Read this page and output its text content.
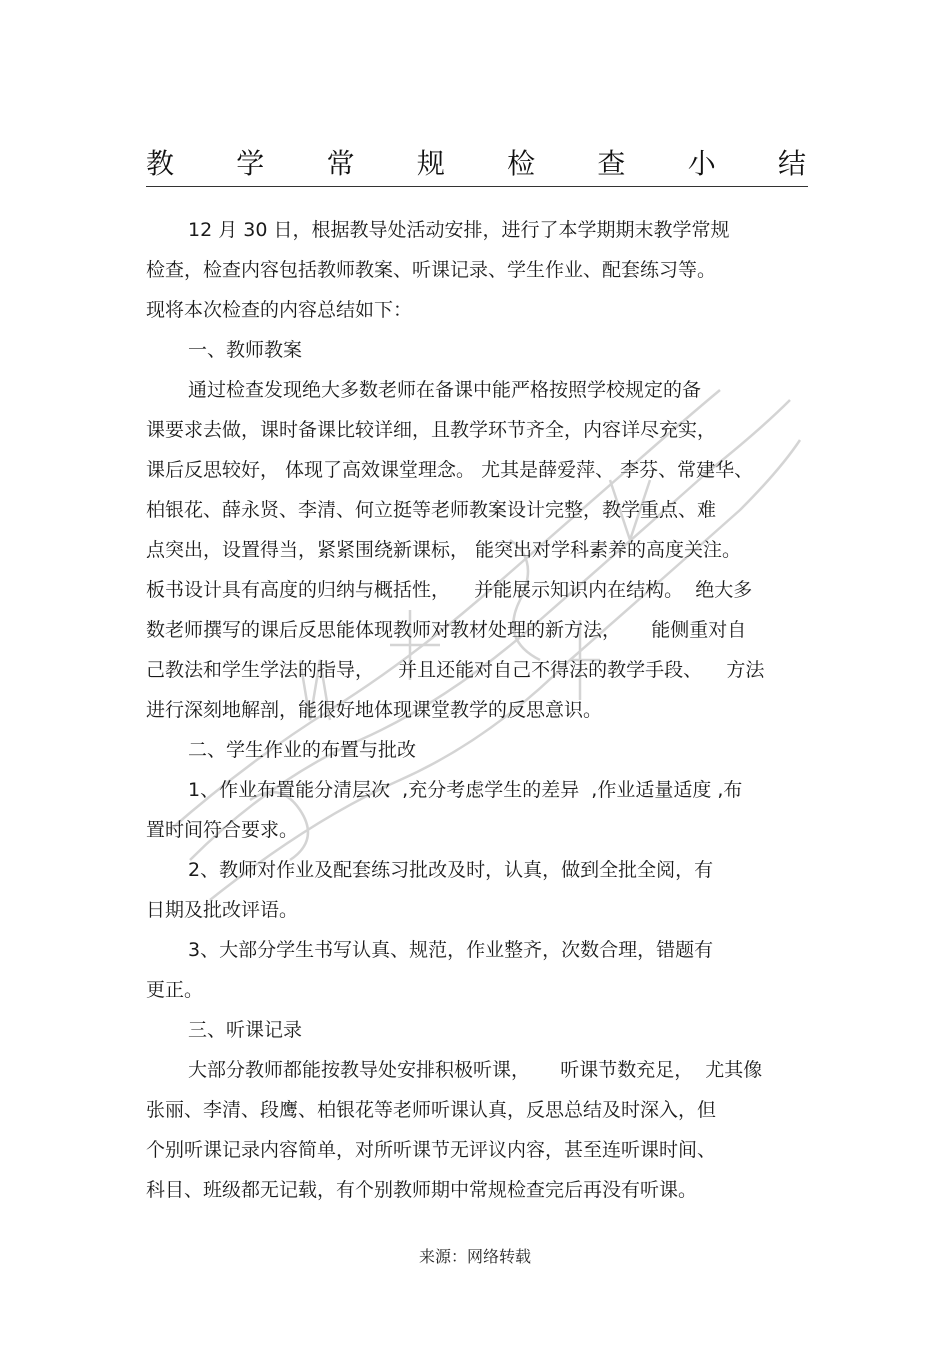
教 学 常 规 检 查 小 结
12 月 30 日，根据教导处活动安排，进行了本学期期末教学常规
检查，检查内容包括教师教案、听课记录、学生作业、配套练习等。
现将本次检查的内容总结如下：
一、教师教案
通过检查发现绝大多数老师在备课中能严格按照学校规定的备
课要求去做，课时备课比较详细，且教学环节齐全，内容详尽充实，
课后反思较好， 体现了高效课堂理念。 尤其是薛爱萍、 李芬、常建华、
柏银花、薛永贤、李清、何立挺等老师教案设计完整，教学重点、难
点突出，设置得当，紧紧围绕新课标， 能突出对学科素养的高度关注。
板书设计具有高度的归纳与概括性，    并能展示知识内在结构。  绝大多
数老师撰写的课后反思能体现教师对教材处理的新方法，     能侧重对自
己教法和学生学法的指导，    并且还能对自己不得法的教学手段、    方法
进行深刻地解剖，能很好地体现课堂教学的反思意识。
二、学生作业的布置与批改
1、作业布置能分清层次  ,充分考虑学生的差异  ,作业适量适度 ,布
置时间符合要求。
2、教师对作业及配套练习批改及时，认真，做到全批全阅，有
日期及批改评语。
3、大部分学生书写认真、规范，作业整齐，次数合理，错题有
更正。
三、听课记录
大部分教师都能按教导处安排积极听课，     听课节数充足，  尤其像
张丽、李清、段鹰、柏银花等老师听课认真，反思总结及时深入，但
个别听课记录内容简单，对所听课节无评议内容，甚至连听课时间、
科目、班级都无记载，有个别教师期中常规检查完后再没有听课。
来源：网络转载
